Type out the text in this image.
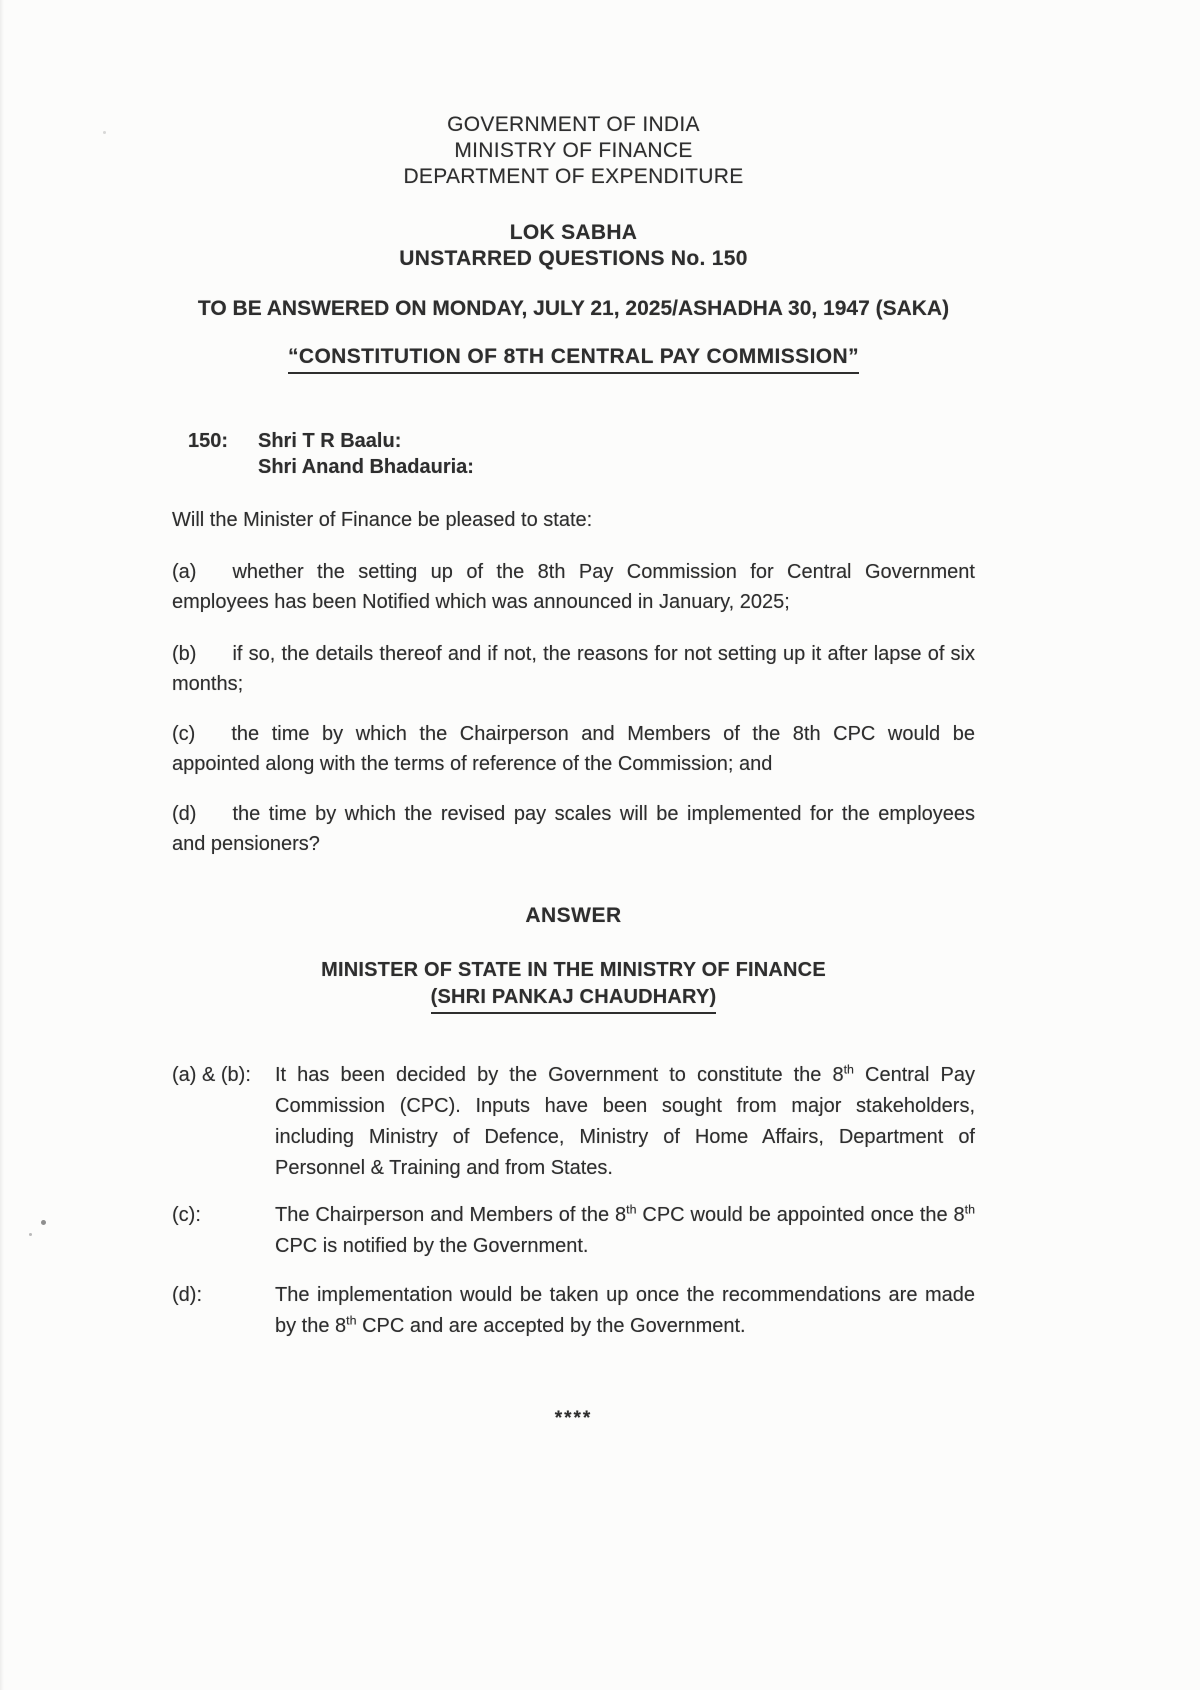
GOVERNMENT OF INDIA
MINISTRY OF FINANCE
DEPARTMENT OF EXPENDITURE
LOK SABHA
UNSTARRED QUESTIONS No. 150
TO BE ANSWERED ON MONDAY, JULY 21, 2025/ASHADHA 30, 1947 (SAKA)
“CONSTITUTION OF 8TH CENTRAL PAY COMMISSION”
150:	Shri T R Baalu:
Shri Anand Bhadauria:
Will the Minister of Finance be pleased to state:

(a) whether the setting up of the 8th Pay Commission for Central Government employees has been Notified which was announced in January, 2025;

(b) if so, the details thereof and if not, the reasons for not setting up it after lapse of six months;

(c) the time by which the Chairperson and Members of the 8th CPC would be appointed along with the terms of reference of the Commission; and

(d) the time by which the revised pay scales will be implemented for the employees and pensioners?

ANSWER
MINISTER OF STATE IN THE MINISTRY OF FINANCE
(SHRI PANKAJ CHAUDHARY)
(a) & (b):	It has been decided by the Government to constitute the 8th Central Pay Commission (CPC). Inputs have been sought from major stakeholders, including Ministry of Defence, Ministry of Home Affairs, Department of Personnel & Training and from States.
(c):	The Chairperson and Members of the 8th CPC would be appointed once the 8th CPC is notified by the Government.
(d):	The implementation would be taken up once the recommendations are made by the 8th CPC and are accepted by the Government.
****
